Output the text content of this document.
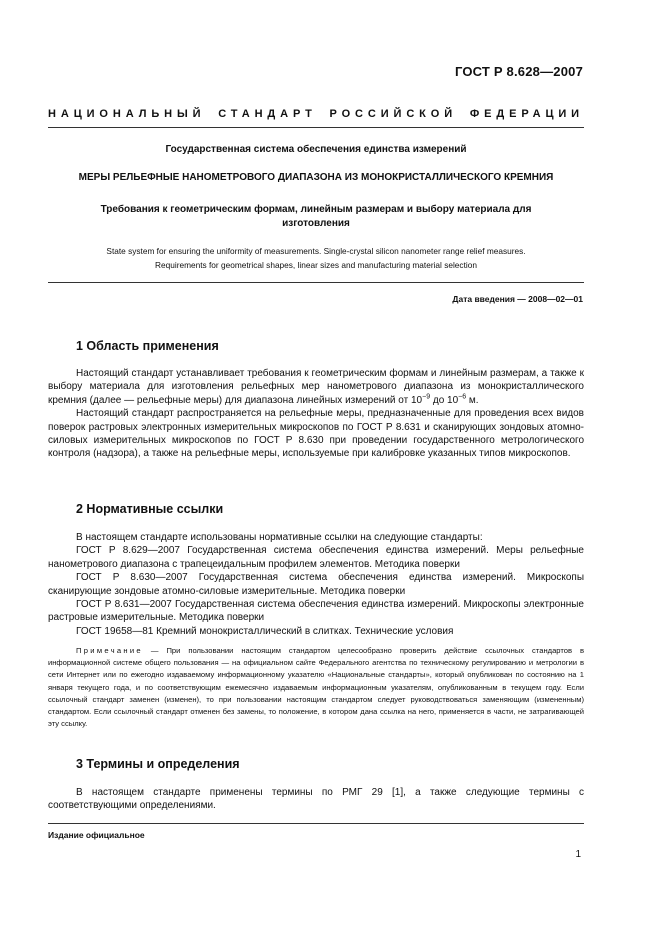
ГОСТ Р 8.628—2007
НАЦИОНАЛЬНЫЙ СТАНДАРТ РОССИЙСКОЙ ФЕДЕРАЦИИ
Государственная система обеспечения единства измерений
МЕРЫ РЕЛЬЕФНЫЕ НАНОМЕТРОВОГО ДИАПАЗОНА ИЗ МОНОКРИСТАЛЛИЧЕСКОГО КРЕМНИЯ
Требования к геометрическим формам, линейным размерам и выбору материала для изготовления
State system for ensuring the uniformity of measurements. Single-crystal silicon nanometer range relief measures.
Requirements for geometrical shapes, linear sizes and manufacturing material selection
Дата введения — 2008—02—01
1 Область применения

Настоящий стандарт устанавливает требования к геометрическим формам и линейным размерам, а также к выбору материала для изготовления рельефных мер нанометрового диапазона из монокристаллического кремния (далее — рельефные меры) для диапазона линейных измерений от $10^{-9}$ до $10^{-6}$ м.

Настоящий стандарт распространяется на рельефные меры, предназначенные для проведения всех видов поверок растровых электронных измерительных микроскопов по ГОСТ Р 8.631 и сканирующих зондовых атомно-силовых измерительных микроскопов по ГОСТ Р 8.630 при проведении государственного метрологического контроля (надзора), а также на рельефные меры, используемые при калибровке указанных типов микроскопов.

2 Нормативные ссылки

В настоящем стандарте использованы нормативные ссылки на следующие стандарты:

ГОСТ Р 8.629—2007 Государственная система обеспечения единства измерений. Меры рельефные нанометрового диапазона с трапецеидальным профилем элементов. Методика поверки

ГОСТ Р 8.630—2007 Государственная система обеспечения единства измерений. Микроскопы сканирующие зондовые атомно-силовые измерительные. Методика поверки

ГОСТ Р 8.631—2007 Государственная система обеспечения единства измерений. Микроскопы электронные растровые измерительные. Методика поверки

ГОСТ 19658—81 Кремний монокристаллический в слитках. Технические условия

Примечание — При пользовании настоящим стандартом целесообразно проверить действие ссылочных стандартов в информационной системе общего пользования — на официальном сайте Федерального агентства по техническому регулированию и метрологии в сети Интернет или по ежегодно издаваемому информационному указателю «Национальные стандарты», который опубликован по состоянию на 1 января текущего года, и по соответствующим ежемесячно издаваемым информационным указателям, опубликованным в текущем году. Если ссылочный стандарт заменен (изменен), то при пользовании настоящим стандартом следует руководствоваться заменяющим (измененным) стандартом. Если ссылочный стандарт отменен без замены, то положение, в котором дана ссылка на него, применяется в части, не затрагивающей эту ссылку.

3 Термины и определения

В настоящем стандарте применены термины по РМГ 29 [1], а также следующие термины с соответствующими определениями.

Издание официальное
1
